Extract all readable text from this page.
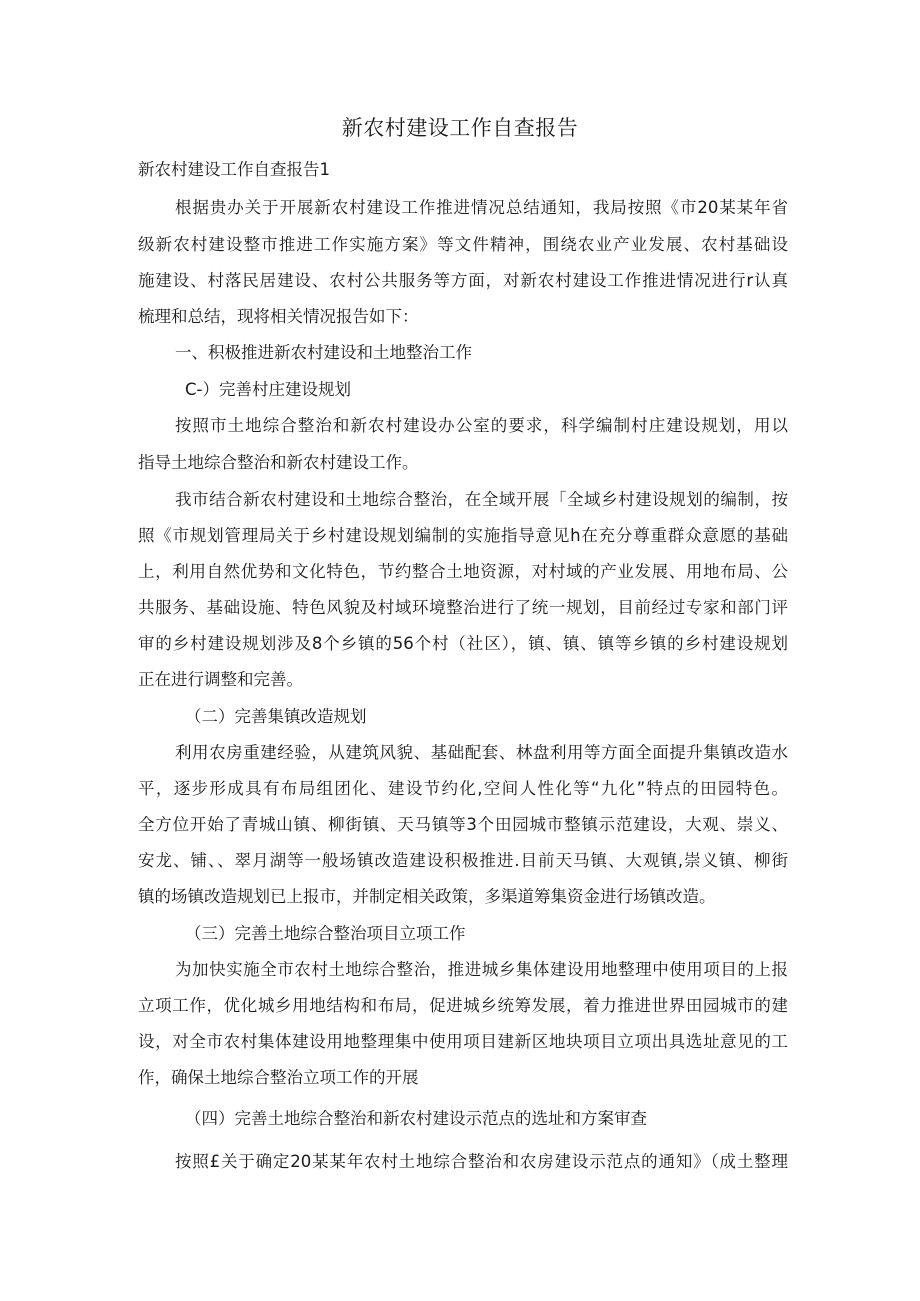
新农村建设工作自查报告
新农村建设工作自查报告1
根据贵办关于开展新农村建设工作推进情况总结通知，我局按照《市20某某年省
级新农村建设整市推进工作实施方案》等文件精神，围绕农业产业发展、农村基础设
施建设、村落民居建设、农村公共服务等方面，对新农村建设工作推进情况进行r认真
梳理和总结，现将相关情况报告如下：
一、积极推进新农村建设和土地整治工作
C-）完善村庄建设规划
按照市土地综合整治和新农村建设办公室的要求，科学编制村庄建设规划，用以
指导土地综合整治和新农村建设工作。
我市结合新农村建设和土地综合整治，在全域开展「全域乡村建设规划的编制，按
照《市规划管理局关于乡村建设规划编制的实施指导意见h在充分尊重群众意愿的基础
上，利用自然优势和文化特色，节约整合土地资源，对村域的产业发展、用地布局、公
共服务、基础设施、特色风貌及村域环境整治进行了统一规划，目前经过专家和部门评
审的乡村建设规划涉及8个乡镇的56个村（社区），镇、镇、镇等乡镇的乡村建设规划
正在进行调整和完善。
（二）完善集镇改造规划
利用农房重建经验，从建筑风貌、基础配套、林盘利用等方面全面提升集镇改造水
平，逐步形成具有布局组团化、建设节约化,空间人性化等“九化”特点的田园特色。
全方位开始了青城山镇、柳街镇、天马镇等3个田园城市整镇示范建设，大观、崇义、
安龙、铺、、翠月湖等一般场镇改造建设积极推进.目前天马镇、大观镇,崇义镇、柳街
镇的场镇改造规划已上报市，并制定相关政策，多渠道筹集资金进行场镇改造。
（三）完善土地综合整治项目立项工作
为加快实施全市农村土地综合整治，推进城乡集体建设用地整理中使用项目的上报
立项工作，优化城乡用地结构和布局，促进城乡统筹发展，着力推进世界田园城市的建
设，对全市农村集体建设用地整理集中使用项目建新区地块项目立项出具选址意见的工
作，确保土地综合整治立项工作的开展
（四）完善土地综合整治和新农村建设示范点的选址和方案审查
按照£关于确定20某某年农村土地综合整治和农房建设示范点的通知》（成土整理
